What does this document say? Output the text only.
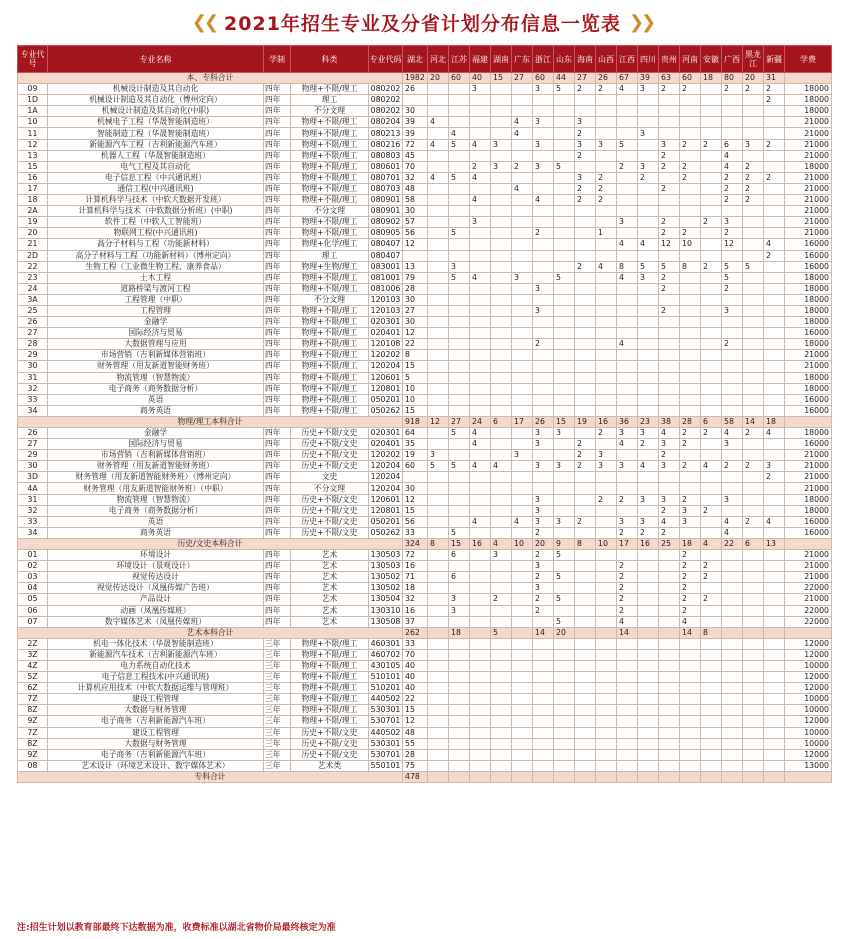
❮❮ 2021年招生专业及分省计划分布信息一览表 ❯❯
专业代号	专业名称	学制	科类	专业代码	湖北	河北	江苏	福建	湖南	广东	浙江	山东	海南	山西	江西	四川	贵州	河南	安徽	广西	黑龙江	新疆	学费
本、专科合计					1982	20	60	40	15	27	60	44	27	26	67	39	63	60	18	80	20	31	
09	机械设计制造及其自动化	四年	物理+不限/理工	080202	26			3			3	5	2	2	4	3	2	2		2	2	2	18000
1D	机械设计制造及其自动化（博州定向）	四年	理工	080202																		2	18000
1A	机械设计制造及其自动化(中职)	四年	不分文理	080202	30																		18000
10	机械电子工程（华晟智能制造班）	四年	物理+不限/理工	080204	39	4				4	3		3										21000
11	智能制造工程（华晟智能制造班）	四年	物理+不限/理工	080213	39		4			4			2			3							21000
12	新能源汽车工程（吉利新能源汽车班）	四年	物理+不限/理工	080216	72	4	5	4	3		3		3	3	5		3	2	2	6	3	2	21000
13	机器人工程（华晟智能制造班）	四年	物理+不限/理工	080803	45								2				2			4			21000
15	电气工程及其自动化	四年	物理+不限/理工	080601	70			2	3	2	3	5			2	3	2	2		4	2		18000
16	电子信息工程（中兴通讯班）	四年	物理+不限/理工	080701	32	4	5	4					3	2		2		2		2	2	2	21000
17	通信工程(中兴通讯班)	四年	物理+不限/理工	080703	48					4			2	2			2			2	2		21000
18	计算机科学与技术（中软大数据开发班）	四年	物理+不限/理工	080901	58			4			4		2	2						2	2		21000
2A	计算机科学与技术（中软数据分析班）(中职)	四年	不分文理	080901	30																		21000
19	软件工程（中软人工智能班）	四年	物理+不限/理工	080902	57			3							3		2		2	3			21000
20	物联网工程(中兴通讯班)	四年	物理+不限/理工	080905	56		5				2			1			2	2		2			21000
21	高分子材料与工程（功能新材料）	四年	物理+化学/理工	080407	12										4	4	12	10		12		4	16000
2D	高分子材料与工程（功能新材料）（博州定向）	四年	理工	080407																		2	16000
22	生物工程（工业微生物工程、康养食品）	四年	物理+生物/理工	083001	13		3						2	4	8	5	5	8	2	5	5		16000
23	土木工程	四年	物理+不限/理工	081001	79		5	4		3		5			4	3	2			5			18000
24	道路桥梁与渡河工程	四年	物理+不限/理工	081006	28						3						2			2			18000
3A	工程管理（中职）	四年	不分文理	120103	30																		18000
25	工程管理	四年	物理+不限/理工	120103	27						3						2			3			18000
26	金融学	四年	物理+不限/理工	020301	30																		18000
27	国际经济与贸易	四年	物理+不限/理工	020401	12																		16000
28	大数据管理与应用	四年	物理+不限/理工	120108	22						2				4					2			18000
29	市场营销（吉利新媒体营销班）	四年	物理+不限/理工	120202	8																		21000
30	财务管理（用友新道智能财务班）	四年	物理+不限/理工	120204	15																		21000
31	物流管理（智慧物流）	四年	物理+不限/理工	120601	5																		18000
32	电子商务（商务数据分析）	四年	物理+不限/理工	120801	10																		18000
33	英语	四年	物理+不限/理工	050201	10																		16000
34	商务英语	四年	物理+不限/理工	050262	15																		16000
物理/理工本科合计					918	12	27	24	6	17	26	15	19	16	36	23	38	28	6	58	14	18	
26	金融学	四年	历史+不限/文史	020301	64		5	4			3	3		2	3	3	4	2	2	4	2	4	18000
27	国际经济与贸易	四年	历史+不限/文史	020401	35			4			3		2		4	2	3	2		3			16000
29	市场营销（吉利新媒体营销班）	四年	历史+不限/文史	120202	19	3				3			2	3			2						21000
30	财务管理（用友新道智能财务班）	四年	历史+不限/文史	120204	60	5	5	4	4		3	3	2	3	3	4	3	2	4	2	2	3	21000
3D	财务管理（用友新道智能财务班）（博州定向）	四年	文史	120204																		2	21000
4A	财务管理（用友新道智能财务班）（中职）	四年	不分文理	120204	30																		21000
31	物流管理（智慧物流）	四年	历史+不限/文史	120601	12						3			2	2	3	3	2		3			18000
32	电子商务（商务数据分析）	四年	历史+不限/文史	120801	15						3						2	3	2				18000
33	英语	四年	历史+不限/文史	050201	56			4		4	3	3	2		3	3	4	3		4	2	4	16000
34	商务英语	四年	历史+不限/文史	050262	33		5				2				2	2	2			4			16000
历史/文史本科合计					324	8	15	16	4	10	20	9	8	10	17	16	25	18	4	22	6	13	
01	环境设计	四年	艺术	130503	72		6		3		2	5						2					21000
02	环境设计（景观设计）	四年	艺术	130503	16						3				2			2	2				21000
03	视觉传达设计	四年	艺术	130502	71		6				2	5			2			2	2				21000
04	视觉传达设计（凤凰传媒广告班）	四年	艺术	130502	18						3				2			2					22000
05	产品设计	四年	艺术	130504	32		3		2		2	5			2			2	2				21000
06	动画（凤凰传媒班）	四年	艺术	130310	16		3				2				2			2					22000
07	数字媒体艺术（凤凰传媒班）	四年	艺术	130508	37							5			4			4					22000
艺术本科合计					262		18		5		14	20			14			14	8				
2Z	机电一体化技术（华晟智能制造班）	三年	物理+不限/理工	460301	33																		12000
3Z	新能源汽车技术（吉利新能源汽车班）	三年	物理+不限/理工	460702	70																		12000
4Z	电力系统自动化技术	三年	物理+不限/理工	430105	40																		10000
5Z	电子信息工程技术(中兴通讯班)	三年	物理+不限/理工	510101	40																		12000
6Z	计算机应用技术（中软大数据运维与管理班）	三年	物理+不限/理工	510201	40																		12000
7Z	建设工程管理	三年	物理+不限/理工	440502	22																		10000
8Z	大数据与财务管理	三年	物理+不限/理工	530301	15																		10000
9Z	电子商务（吉利新能源汽车班）	三年	物理+不限/理工	530701	12																		12000
7Z	建设工程管理	三年	历史+不限/文史	440502	48																		10000
8Z	大数据与财务管理	三年	历史+不限/文史	530301	55																		10000
9Z	电子商务（吉利新能源汽车班）	三年	历史+不限/文史	530701	28																		12000
08	艺术设计（环境艺术设计、数字媒体艺术）	三年	艺术类	550101	75																		13000
专科合计					478																		
注:招生计划以教育部最终下达数据为准，收费标准以湖北省物价局最终核定为准
